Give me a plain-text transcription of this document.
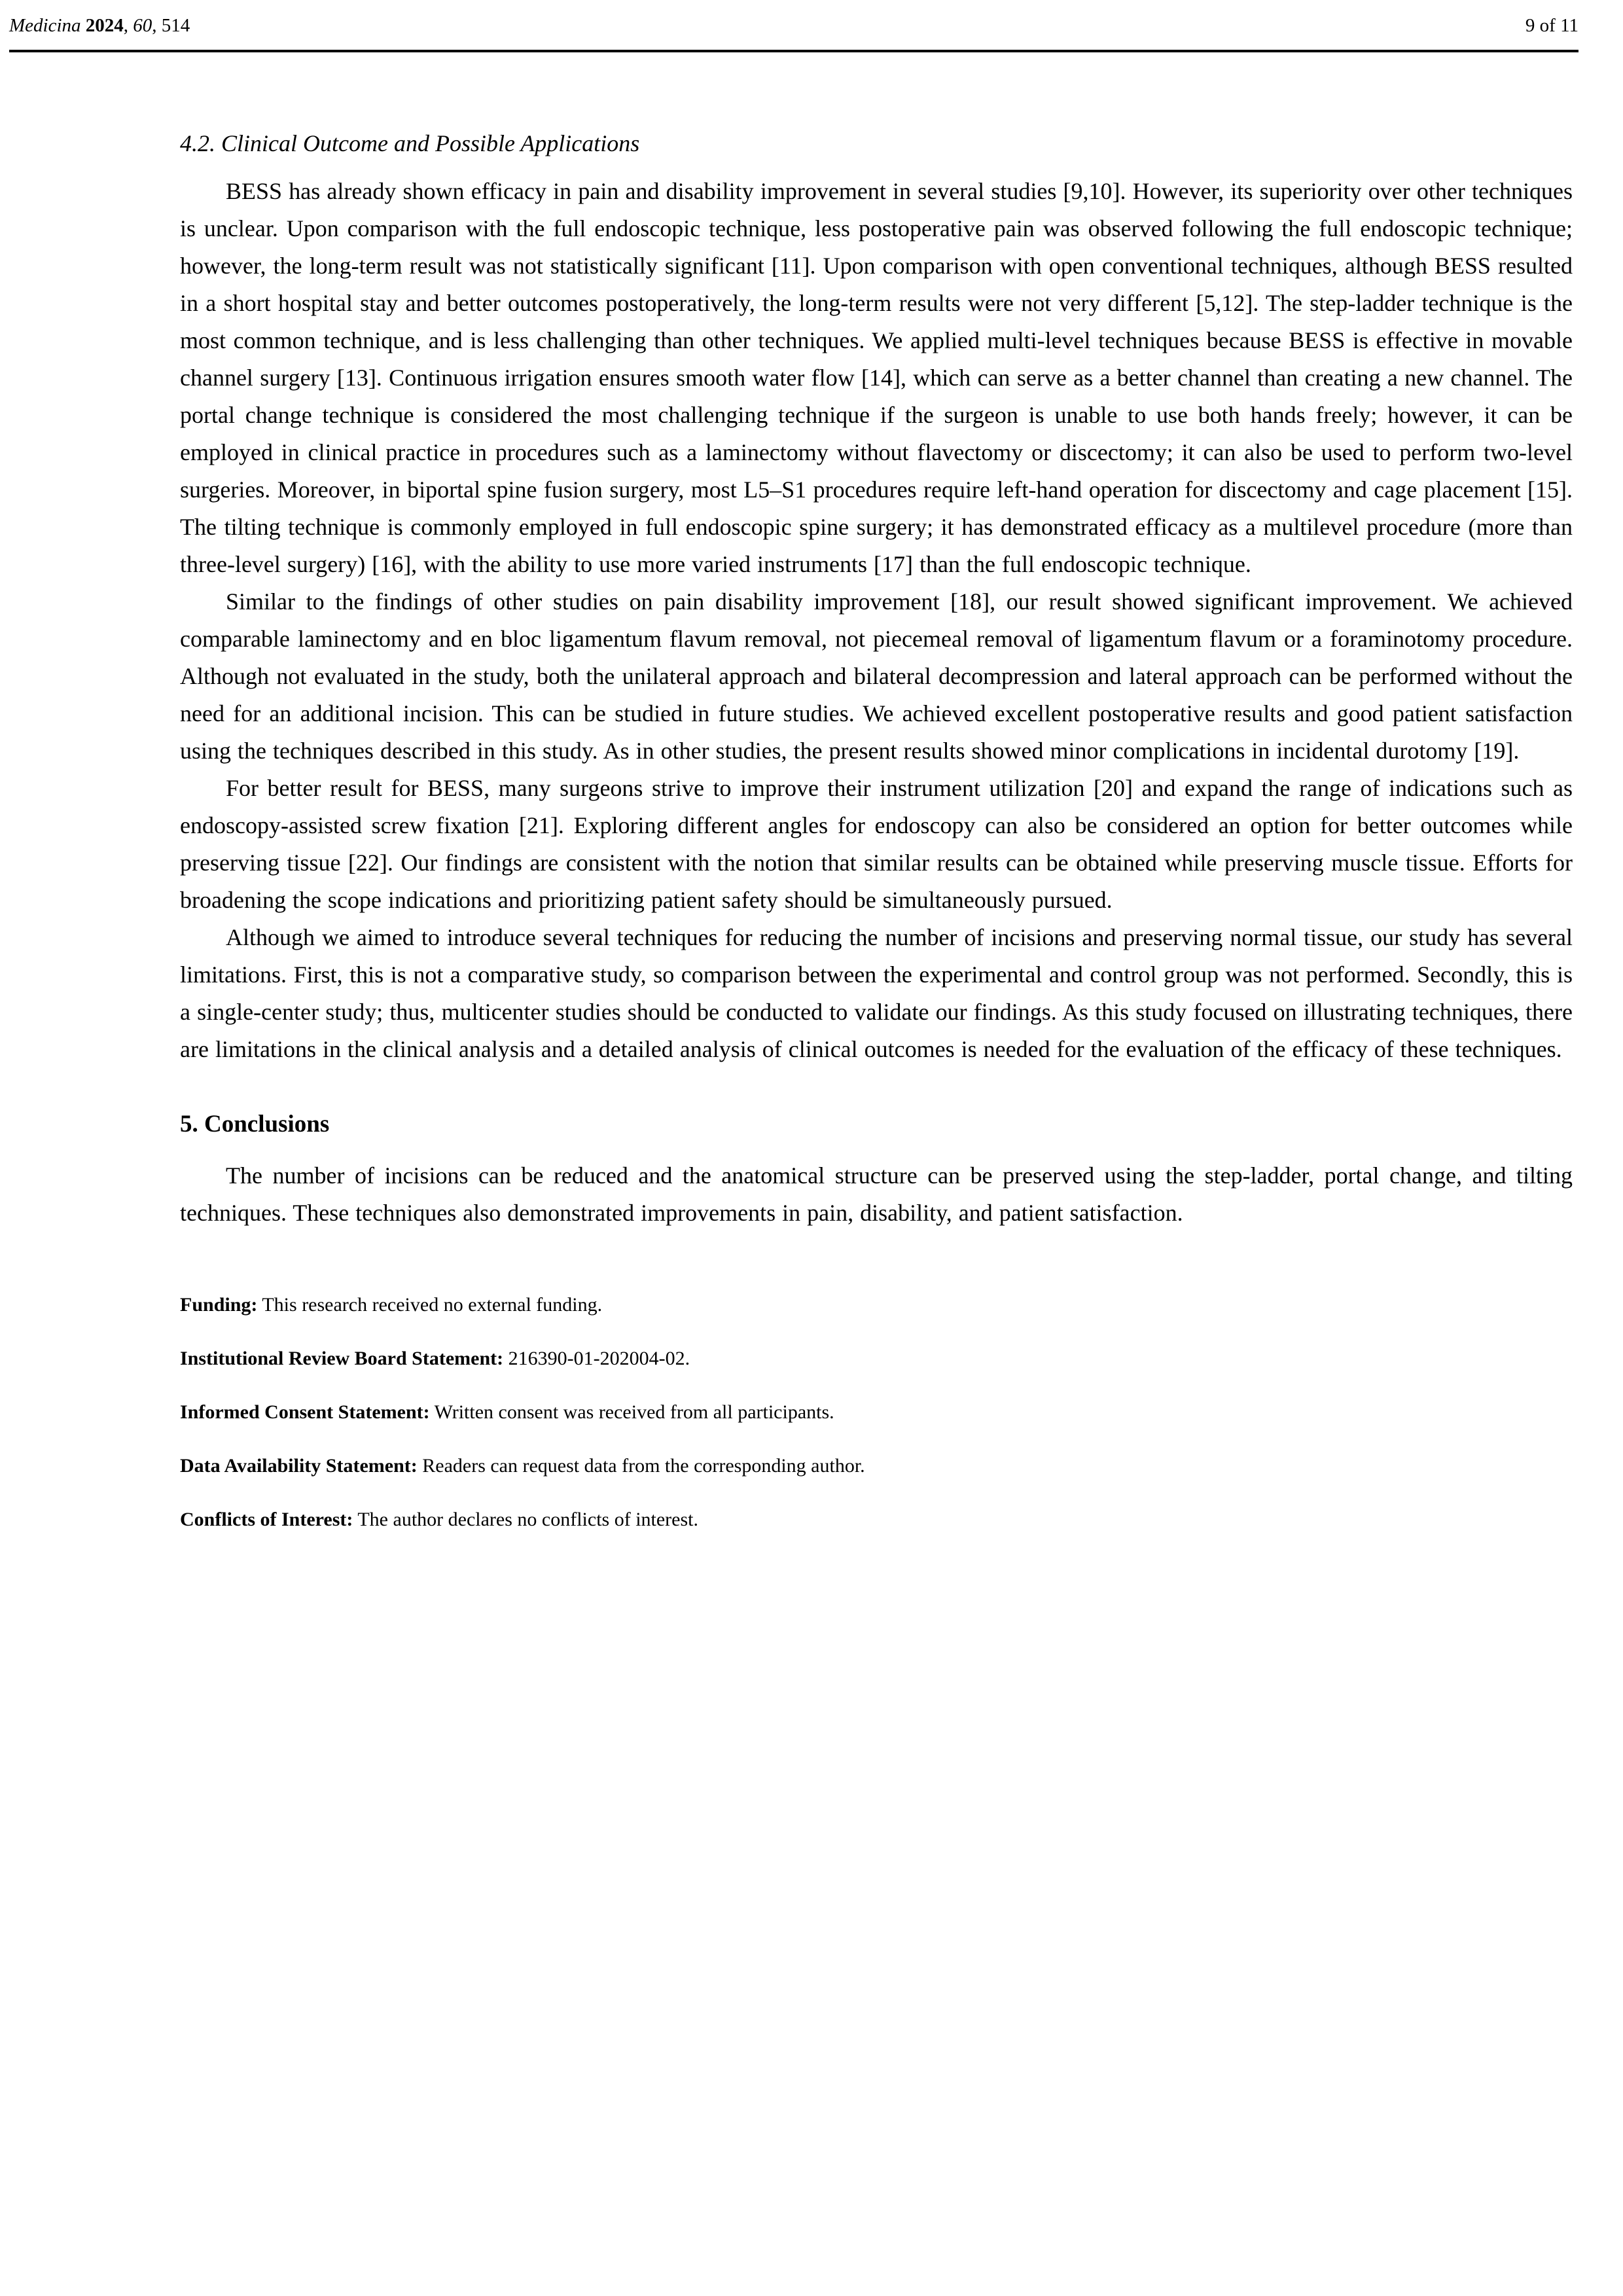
Medicina 2024, 60, 514	9 of 11
4.2. Clinical Outcome and Possible Applications

BESS has already shown efficacy in pain and disability improvement in several studies [9,10]. However, its superiority over other techniques is unclear. Upon comparison with the full endoscopic technique, less postoperative pain was observed following the full endoscopic technique; however, the long-term result was not statistically significant [11]. Upon comparison with open conventional techniques, although BESS resulted in a short hospital stay and better outcomes postoperatively, the long-term results were not very different [5,12]. The step-ladder technique is the most common technique, and is less challenging than other techniques. We applied multi-level techniques because BESS is effective in movable channel surgery [13]. Continuous irrigation ensures smooth water flow [14], which can serve as a better channel than creating a new channel. The portal change technique is considered the most challenging technique if the surgeon is unable to use both hands freely; however, it can be employed in clinical practice in procedures such as a laminectomy without flavectomy or discectomy; it can also be used to perform two-level surgeries. Moreover, in biportal spine fusion surgery, most L5–S1 procedures require left-hand operation for discectomy and cage placement [15]. The tilting technique is commonly employed in full endoscopic spine surgery; it has demonstrated efficacy as a multilevel procedure (more than three-level surgery) [16], with the ability to use more varied instruments [17] than the full endoscopic technique.

Similar to the findings of other studies on pain disability improvement [18], our result showed significant improvement. We achieved comparable laminectomy and en bloc ligamentum flavum removal, not piecemeal removal of ligamentum flavum or a foraminotomy procedure. Although not evaluated in the study, both the unilateral approach and bilateral decompression and lateral approach can be performed without the need for an additional incision. This can be studied in future studies. We achieved excellent postoperative results and good patient satisfaction using the techniques described in this study. As in other studies, the present results showed minor complications in incidental durotomy [19].

For better result for BESS, many surgeons strive to improve their instrument utilization [20] and expand the range of indications such as endoscopy-assisted screw fixation [21]. Exploring different angles for endoscopy can also be considered an option for better outcomes while preserving tissue [22]. Our findings are consistent with the notion that similar results can be obtained while preserving muscle tissue. Efforts for broadening the scope indications and prioritizing patient safety should be simultaneously pursued.

Although we aimed to introduce several techniques for reducing the number of incisions and preserving normal tissue, our study has several limitations. First, this is not a comparative study, so comparison between the experimental and control group was not performed. Secondly, this is a single-center study; thus, multicenter studies should be conducted to validate our findings. As this study focused on illustrating techniques, there are limitations in the clinical analysis and a detailed analysis of clinical outcomes is needed for the evaluation of the efficacy of these techniques.

5. Conclusions

The number of incisions can be reduced and the anatomical structure can be preserved using the step-ladder, portal change, and tilting techniques. These techniques also demonstrated improvements in pain, disability, and patient satisfaction.

Funding: This research received no external funding.

Institutional Review Board Statement: 216390-01-202004-02.

Informed Consent Statement: Written consent was received from all participants.

Data Availability Statement: Readers can request data from the corresponding author.

Conflicts of Interest: The author declares no conflicts of interest.
